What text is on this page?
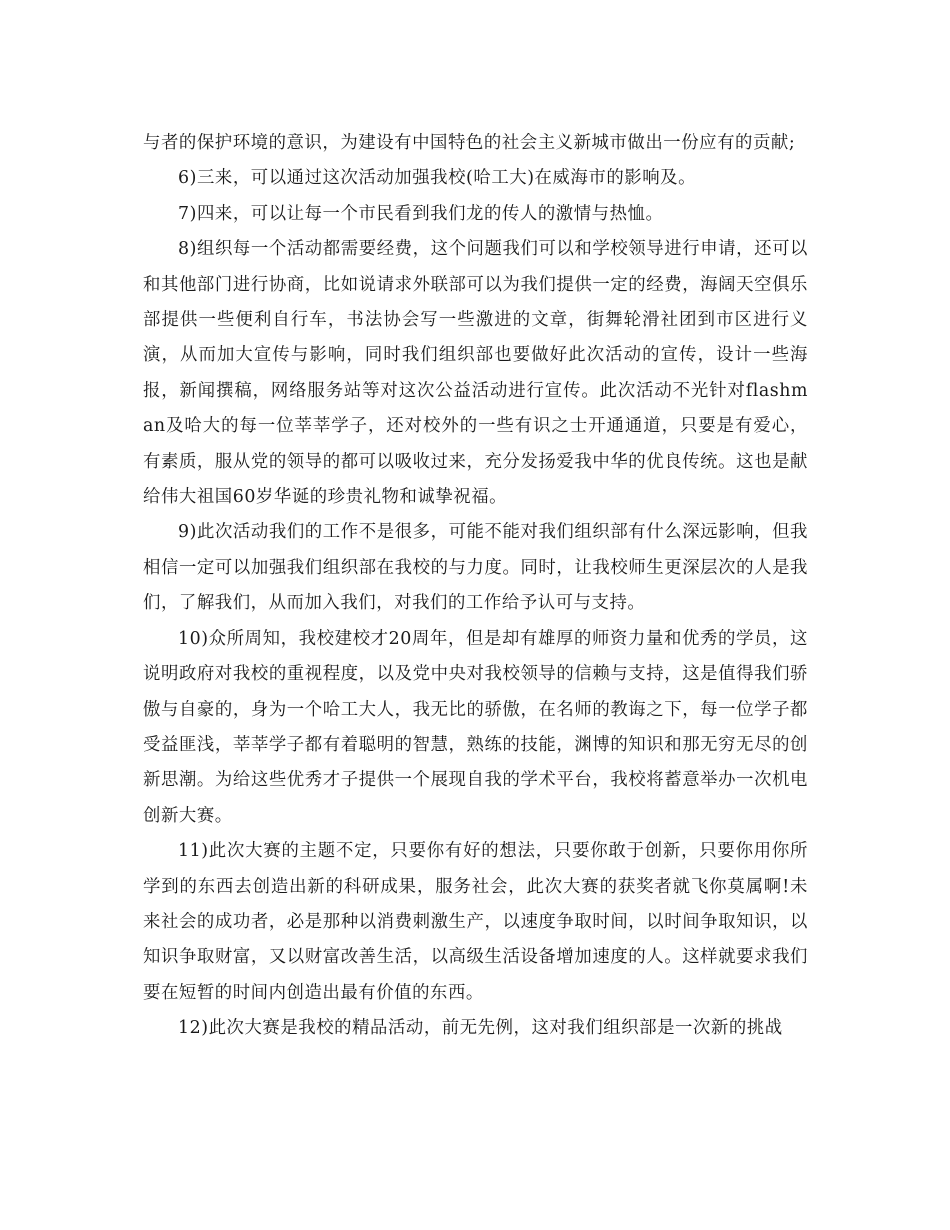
与者的保护环境的意识，为建设有中国特色的社会主义新城市做出一份应有的贡献;

6)三来，可以通过这次活动加强我校(哈工大)在威海市的影响及。

7)四来，可以让每一个市民看到我们龙的传人的激情与热恤。

8)组织每一个活动都需要经费，这个问题我们可以和学校领导进行申请，还可以和其他部门进行协商，比如说请求外联部可以为我们提供一定的经费，海阔天空俱乐部提供一些便利自行车，书法协会写一些激进的文章，街舞轮滑社团到市区进行义演，从而加大宣传与影响，同时我们组织部也要做好此次活动的宣传，设计一些海报，新闻撰稿，网络服务站等对这次公益活动进行宣传。此次活动不光针对flashman及哈大的每一位莘莘学子，还对校外的一些有识之士开通通道，只要是有爱心，有素质，服从党的领导的都可以吸收过来，充分发扬爱我中华的优良传统。这也是献给伟大祖国60岁华诞的珍贵礼物和诚挚祝福。

9)此次活动我们的工作不是很多，可能不能对我们组织部有什么深远影响，但我相信一定可以加强我们组织部在我校的与力度。同时，让我校师生更深层次的人是我们，了解我们，从而加入我们，对我们的工作给予认可与支持。

10)众所周知，我校建校才20周年，但是却有雄厚的师资力量和优秀的学员，这说明政府对我校的重视程度，以及党中央对我校领导的信赖与支持，这是值得我们骄傲与自豪的，身为一个哈工大人，我无比的骄傲，在名师的教诲之下，每一位学子都受益匪浅，莘莘学子都有着聪明的智慧，熟练的技能，渊博的知识和那无穷无尽的创新思潮。为给这些优秀才子提供一个展现自我的学术平台，我校将蓄意举办一次机电创新大赛。

11)此次大赛的主题不定，只要你有好的想法，只要你敢于创新，只要你用你所学到的东西去创造出新的科研成果，服务社会，此次大赛的获奖者就飞你莫属啊!未来社会的成功者，必是那种以消费刺激生产，以速度争取时间，以时间争取知识，以知识争取财富，又以财富改善生活，以高级生活设备增加速度的人。这样就要求我们要在短暂的时间内创造出最有价值的东西。

12)此次大赛是我校的精品活动，前无先例，这对我们组织部是一次新的挑战
